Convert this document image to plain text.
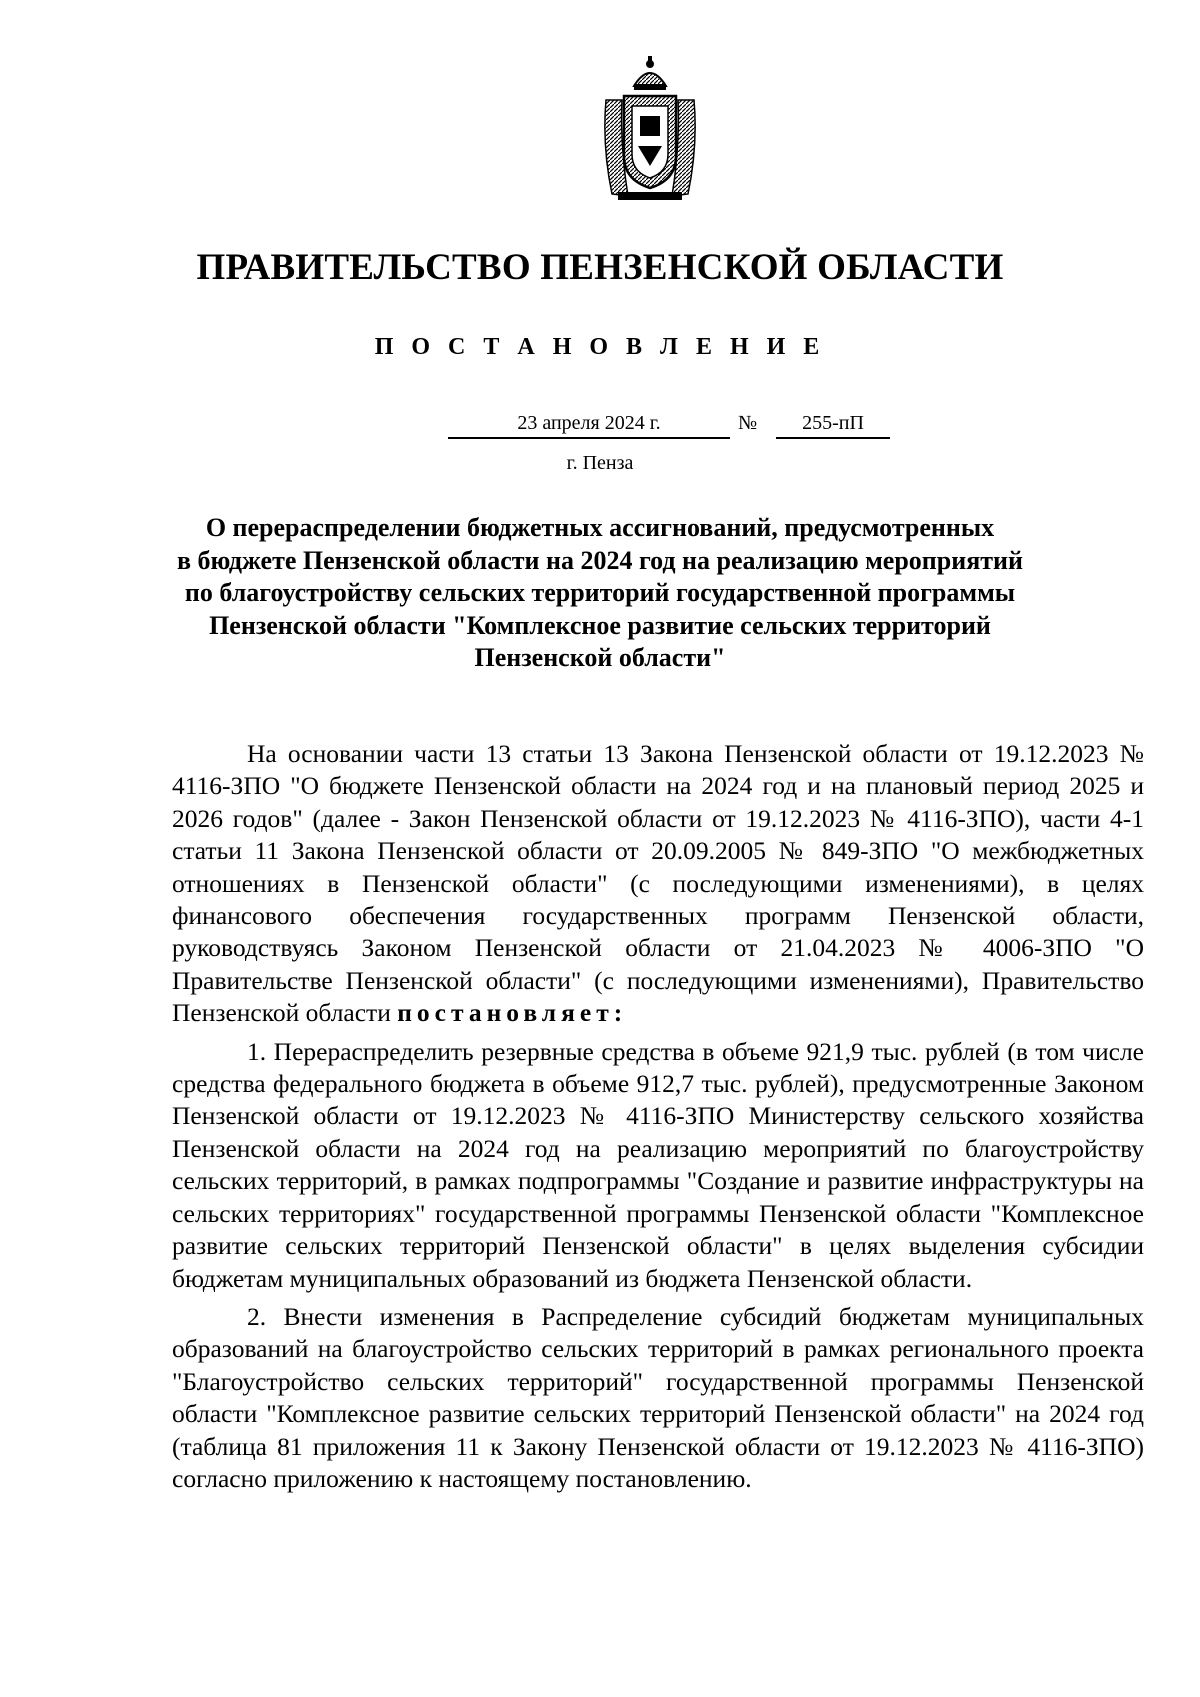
ПРАВИТЕЛЬСТВО ПЕНЗЕНСКОЙ ОБЛАСТИ
П О С Т А Н О В Л Е Н И Е
23 апреля 2024 г.	№	255-пП
г. Пенза
О перераспределении бюджетных ассигнований, предусмотренных
в бюджете Пензенской области на 2024 год на реализацию мероприятий
по благоустройству сельских территорий государственной программы
Пензенской области "Комплексное развитие сельских территорий
Пензенской области"

На основании части 13 статьи 13 Закона Пензенской области от 19.12.2023 № 4116-ЗПО "О бюджете Пензенской области на 2024 год и на плановый период 2025 и 2026 годов" (далее - Закон Пензенской области от 19.12.2023 № 4116-ЗПО), части 4-1 статьи 11 Закона Пензенской области от 20.09.2005 № 849-ЗПО "О межбюджетных отношениях в Пензенской области" (с последующими изменениями), в целях финансового обеспечения государственных программ Пензенской области, руководствуясь Законом Пензенской области от 21.04.2023 № 4006-ЗПО "О Правительстве Пензенской области" (с последующими изменениями), Правительство Пензенской области постановляет:

1. Перераспределить резервные средства в объеме 921,9 тыс. рублей (в том числе средства федерального бюджета в объеме 912,7 тыс. рублей), предусмотренные Законом Пензенской области от 19.12.2023 № 4116-ЗПО Министерству сельского хозяйства Пензенской области на 2024 год на реализацию мероприятий по благоустройству сельских территорий, в рамках подпрограммы "Создание и развитие инфраструктуры на сельских территориях" государственной программы Пензенской области "Комплексное развитие сельских территорий Пензенской области" в целях выделения субсидии бюджетам муниципальных образований из бюджета Пензенской области.

2. Внести изменения в Распределение субсидий бюджетам муниципальных образований на благоустройство сельских территорий в рамках регионального проекта "Благоустройство сельских территорий" государственной программы Пензенской области "Комплексное развитие сельских территорий Пензенской области" на 2024 год (таблица 81 приложения 11 к Закону Пензенской области от 19.12.2023 № 4116-ЗПО) согласно приложению к настоящему постановлению.
